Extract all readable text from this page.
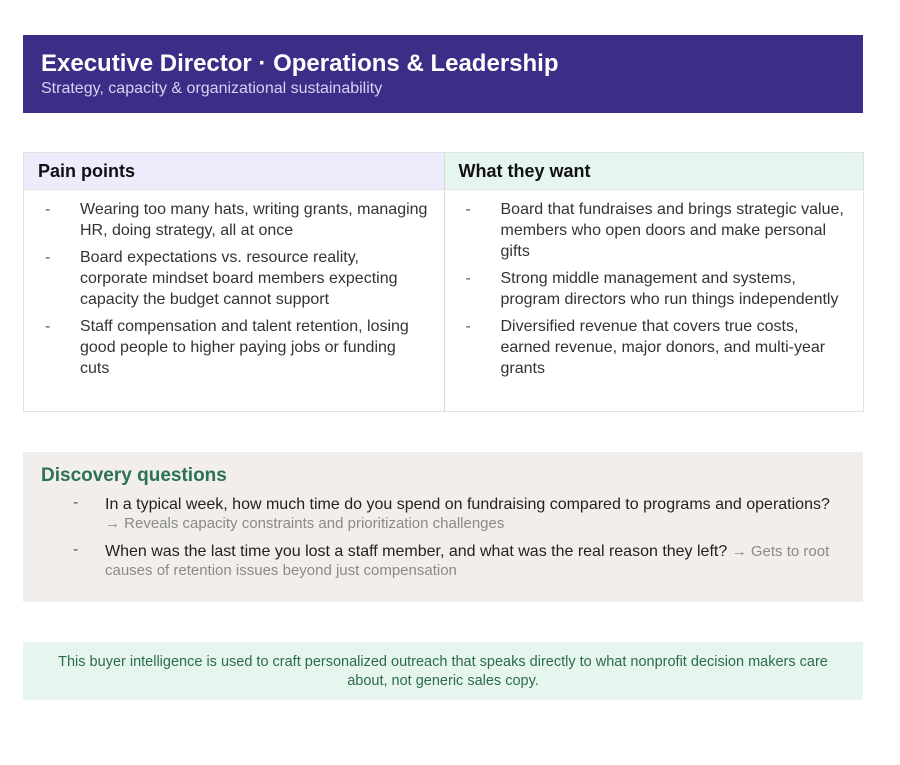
Executive Director · Operations & Leadership
Strategy, capacity & organizational sustainability
Pain points
-	Wearing too many hats, writing grants, managing HR, doing strategy, all at once
-	Board expectations vs. resource reality, corporate mindset board members expecting capacity the budget cannot support
-	Staff compensation and talent retention, losing good people to higher paying jobs or funding cuts
What they want
-	Board that fundraises and brings strategic value, members who open doors and make personal gifts
-	Strong middle management and systems, program directors who run things independently
-	Diversified revenue that covers true costs, earned revenue, major donors, and multi-year grants
Discovery questions
-	In a typical week, how much time do you spend on fundraising compared to programs and operations? → Reveals capacity constraints and prioritization challenges
-	When was the last time you lost a staff member, and what was the real reason they left? → Gets to root causes of retention issues beyond just compensation
This buyer intelligence is used to craft personalized outreach that speaks directly to what nonprofit decision makers care about, not generic sales copy.
